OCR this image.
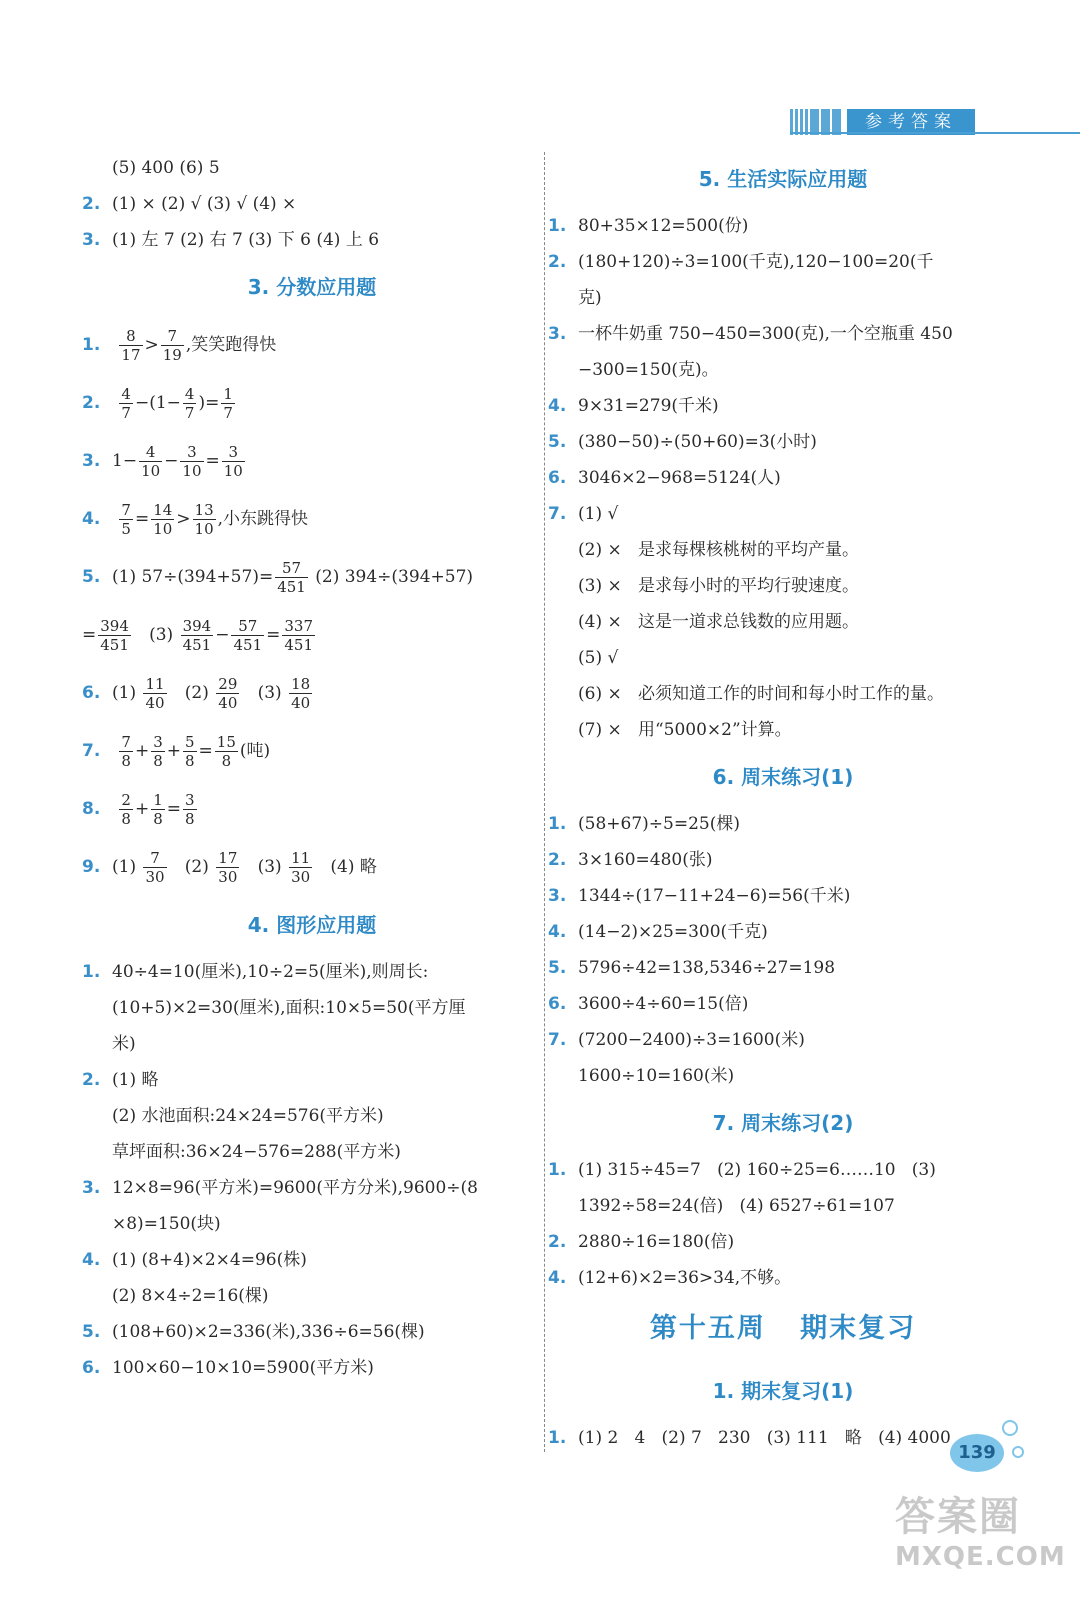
参考答案
(5) 400 (6) 5
2. (1) × (2) √ (3) √ (4) ×
3. (1) 左 7 (2) 右 7 (3) 下 6 (4) 上 6
3. 分数应用题
1. $\frac{8}{17} > \frac{7}{19}$ ,笑笑跑得快
2. $\frac{4}{7} -(1- \frac{4}{7}$ )= $\frac{1}{7}$
3. $1- \frac{4}{10} - \frac{3}{10} = \frac{3}{10}$
4. $\frac{7}{5} = \frac{14}{10} > \frac{13}{10}$ ,小东跳得快
5. (1) $57\div(394+57)= \frac{57}{451} (2)$ 394÷(394+57)
= $\frac{394}{451} (3) \frac{394}{451} - \frac{57}{451} = \frac{337}{451}$
6. $(1) \frac{11}{40} (2) \frac{29}{40} (3) \frac{18}{40}$
7. $\frac{7}{8} + \frac{3}{8} + \frac{5}{8} = \frac{15}{8}$ (吨)
8. $\frac{2}{8} + \frac{1}{8} = \frac{3}{8}$
9. $(1) \frac{7}{30} (2) \frac{17}{30} (3) \frac{11}{30} (4)$ 略
4. 图形应用题
1. 40÷4=10(厘米),10÷2=5(厘米),则周长:
(10+5)×2=30(厘米),面积:10×5=50(平方厘
米)
2. (1) 略
(2) 水池面积:24×24=576(平方米)
草坪面积:36×24−576=288(平方米)
3. 12×8=96(平方米)=9600(平方分米),9600÷(8
×8)=150(块)
4. (1) (8+4)×2×4=96(株)
(2) 8×4÷2=16(棵)
5. (108+60)×2=336(米),336÷6=56(棵)
6. 100×60−10×10=5900(平方米)
5. 生活实际应用题
1. 80+35×12=500(份)
2. (180+120)÷3=100(千克),120−100=20(千
克)
3. 一杯牛奶重 750−450=300(克),一个空瓶重 450
−300=150(克)。
4. 9×31=279(千米)
5. (380−50)÷(50+60)=3(小时)
6. 3046×2−968=5124(人)
7. (1) √
(2) ×   是求每棵核桃树的平均产量。
(3) ×   是求每小时的平均行驶速度。
(4) ×   这是一道求总钱数的应用题。
(5) √
(6) ×   必须知道工作的时间和每小时工作的量。
(7) ×   用“5000×2”计算。
6. 周末练习(1)
1. (58+67)÷5=25(棵)
2. 3×160=480(张)
3. 1344÷(17−11+24−6)=56(千米)
4. (14−2)×25=300(千克)
5. 5796÷42=138,5346÷27=198
6. 3600÷4÷60=15(倍)
7. (7200−2400)÷3=1600(米)
1600÷10=160(米)
7. 周末练习(2)
1. (1) 315÷45=7   (2) 160÷25=6……10   (3)
1392÷58=24(倍)   (4) 6527÷61=107
2. 2880÷16=180(倍)
4. (12+6)×2=36>34,不够。
第十五周   期末复习
1. 期末复习(1)
1. (1) 2   4   (2) 7   230   (3) 111   略   (4) 4000
139
答案圈
MXQE.COM
